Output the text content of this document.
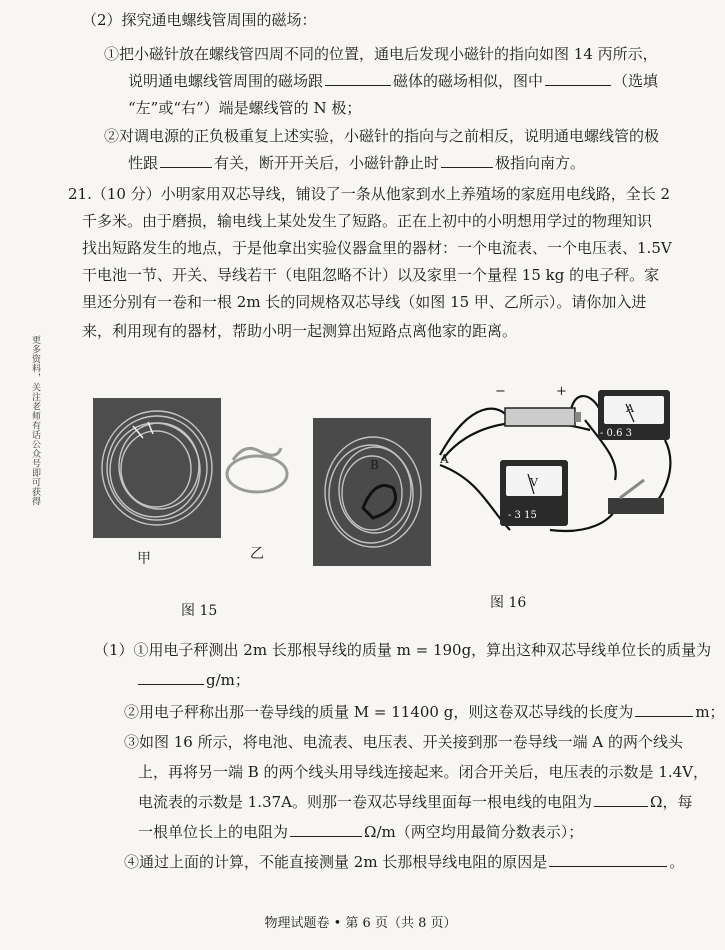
更多资料，关注老师有话公众号即可获得
（2）探究通电螺线管周围的磁场：
①把小磁针放在螺线管四周不同的位置，通电后发现小磁针的指向如图 14 丙所示，
说明通电螺线管周围的磁场跟	磁体的磁场相似，图中	（选填
“左”或“右”）端是螺线管的 N 极；
②对调电源的正负极重复上述实验，小磁针的指向与之前相反，说明通电螺线管的极
性跟	有关，断开开关后，小磁针静止时	极指向南方。
21.（10 分）小明家用双芯导线，铺设了一条从他家到水上养殖场的家庭用电线路，全长 2
千多米。由于磨损，输电线上某处发生了短路。正在上初中的小明想用学过的物理知识
找出短路发生的地点，于是他拿出实验仪器盒里的器材：一个电流表、一个电压表、1.5V
干电池一节、开关、导线若干（电阻忽略不计）以及家里一个量程 15 kg 的电子秤。家
里还分别有一卷和一根 2m 长的同规格双芯导线（如图 15 甲、乙所示）。请你加入进
来，利用现有的器材，帮助小明一起测算出短路点离他家的距离。
甲	乙
图 15
B	A
−	+
A
- 0.6 3
V
- 3 15
图 16
（1）①用电子秤测出 2m 长那根导线的质量 m = 190g，算出这种双芯导线单位长的质量为
g/m；
②用电子秤称出那一卷导线的质量 M = 11400 g，则这卷双芯导线的长度为	m；
③如图 16 所示，将电池、电流表、电压表、开关接到那一卷导线一端 A 的两个线头
上，再将另一端 B 的两个线头用导线连接起来。闭合开关后，电压表的示数是 1.4V，
电流表的示数是 1.37A。则那一卷双芯导线里面每一根电线的电阻为	Ω，每
一根单位长上的电阻为	Ω/m（两空均用最简分数表示）；
④通过上面的计算，不能直接测量 2m 长那根导线电阻的原因是	。
物理试题卷 • 第 6 页（共 8 页）
